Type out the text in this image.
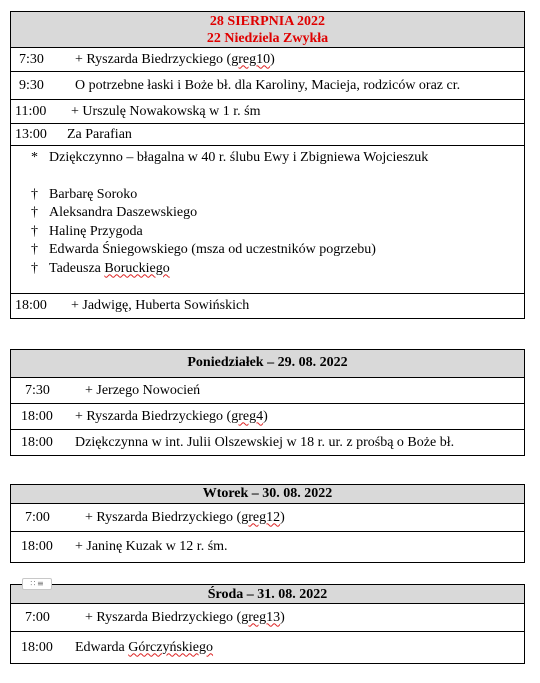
28 SIERPNIA 2022
22 Niedziela Zwykła
7:30	+ Ryszarda Biedrzyckiego (greg10)
9:30	O potrzebne łaski i Boże bł. dla Karoliny, Macieja, rodziców oraz cr.
11:00	+ Urszulę Nowakowską w 1 r. śm
13:00	Za Parafian
* Dziękczynno – błagalna w 40 r. ślubu Ewy i Zbigniewa Wojcieszuk
† Barbarę Soroko
† Aleksandra Daszewskiego
† Halinę Przygoda
† Edwarda Śniegowskiego (msza od uczestników pogrzebu)
† Tadeusza Boruckiego
18:00	+ Jadwigę, Huberta Sowińskich
Poniedziałek – 29. 08. 2022
7:30	+ Jerzego Nowocień
18:00	+ Ryszarda Biedrzyckiego (greg4)
18:00	Dziękczynna w int. Julii Olszewskiej w 18 r. ur. z prośbą o Boże bł.
Wtorek – 30. 08. 2022
7:00	+ Ryszarda Biedrzyckiego (greg12)
18:00	+ Janinę Kuzak w 12 r. śm.
Środa – 31. 08. 2022
7:00	+ Ryszarda Biedrzyckiego (greg13)
18:00	Edwarda Górczyńskiego
∷ ≡
